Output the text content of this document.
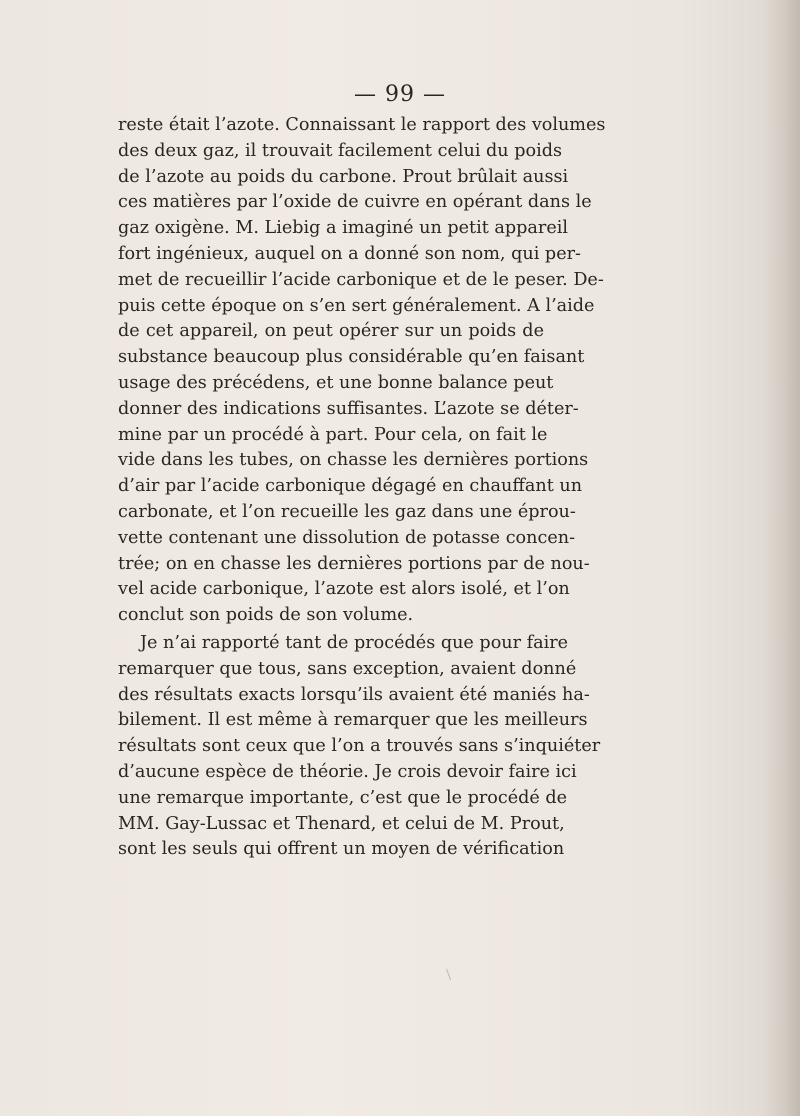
— 99 —
reste était l’azote. Connaissant le rapport des volumes
des deux gaz, il trouvait facilement celui du poids
de l’azote au poids du carbone. Prout brûlait aussi
ces matières par l’oxide de cuivre en opérant dans le
gaz oxigène. M. Liebig a imaginé un petit appareil
fort ingénieux, auquel on a donné son nom, qui per-
met de recueillir l’acide carbonique et de le peser. De-
puis cette époque on s’en sert généralement. A l’aide
de cet appareil, on peut opérer sur un poids de
substance beaucoup plus considérable qu’en faisant
usage des précédens, et une bonne balance peut
donner des indications suffisantes. L’azote se déter-
mine par un procédé à part. Pour cela, on fait le
vide dans les tubes, on chasse les dernières portions
d’air par l’acide carbonique dégagé en chauffant un
carbonate, et l’on recueille les gaz dans une éprou-
vette contenant une dissolution de potasse concen-
trée; on en chasse les dernières portions par de nou-
vel acide carbonique, l’azote est alors isolé, et l’on
conclut son poids de son volume.
Je n’ai rapporté tant de procédés que pour faire
remarquer que tous, sans exception, avaient donné
des résultats exacts lorsqu’ils avaient été maniés ha-
bilement. Il est même à remarquer que les meilleurs
résultats sont ceux que l’on a trouvés sans s’inquiéter
d’aucune espèce de théorie. Je crois devoir faire ici
une remarque importante, c’est que le procédé de
MM. Gay-Lussac et Thenard, et celui de M. Prout,
sont les seuls qui offrent un moyen de vérification
